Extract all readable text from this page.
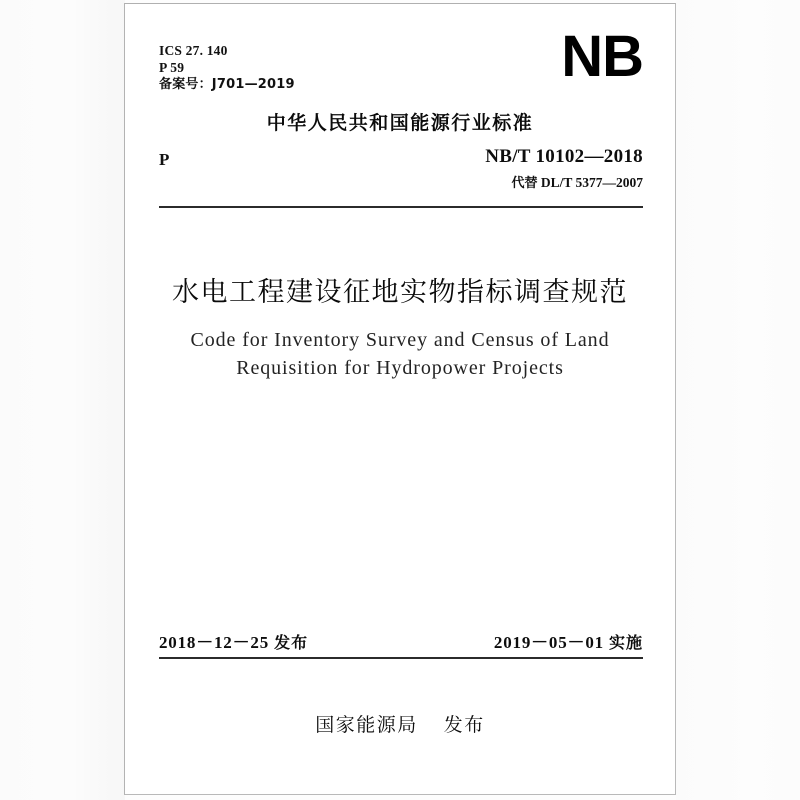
ICS 27. 140
P 59
备案号：J701—2019	NB
中华人民共和国能源行业标准
P	NB/T 10102—2018
代替 DL/T 5377—2007
水电工程建设征地实物指标调查规范
Code for Inventory Survey and Census of Land
Requisition for Hydropower Projects
2018－12－25 发布	2019－05－01 实施
国家能源局 发布
